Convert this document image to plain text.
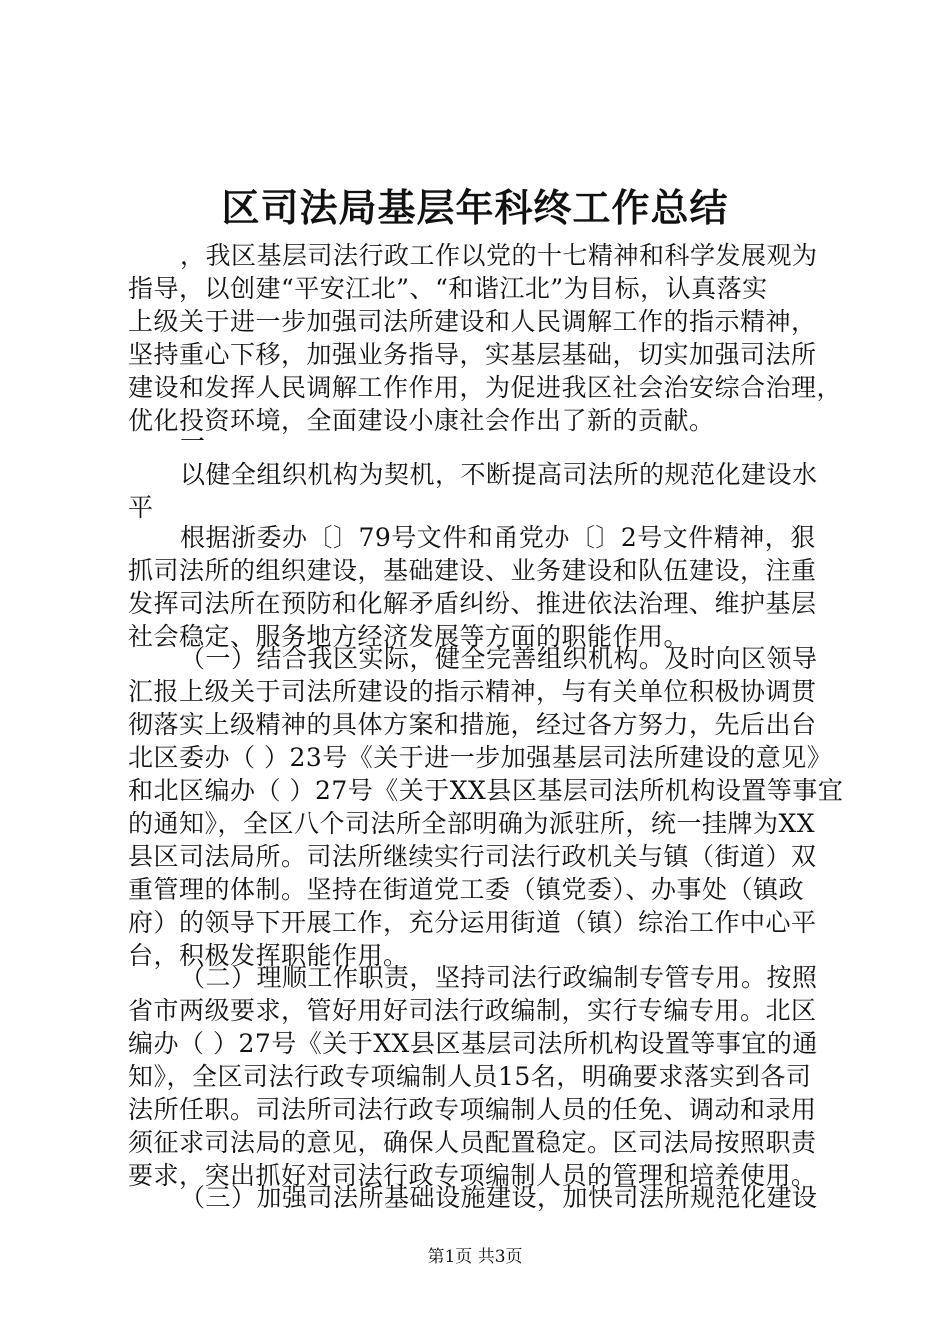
区司法局基层年科终工作总结
，我区基层司法行政工作以党的十七精神和科学发展观为
指导，以创建“平安江北”、“和谐江北”为目标，认真落实
上级关于进一步加强司法所建设和人民调解工作的指示精神，
坚持重心下移，加强业务指导，实基层基础，切实加强司法所
建设和发挥人民调解工作作用，为促进我区社会治安综合治理，
优化投资环境，全面建设小康社会作出了新的贡献。
一
以健全组织机构为契机，不断提高司法所的规范化建设水
平
根据浙委办〔〕79号文件和甬党办〔〕2号文件精神，狠
抓司法所的组织建设，基础建设、业务建设和队伍建设，注重
发挥司法所在预防和化解矛盾纠纷、推进依法治理、维护基层
社会稳定、服务地方经济发展等方面的职能作用。
（一）结合我区实际，健全完善组织机构。及时向区领导
汇报上级关于司法所建设的指示精神，与有关单位积极协调贯
彻落实上级精神的具体方案和措施，经过各方努力，先后出台
北区委办（ ）23号《关于进一步加强基层司法所建设的意见》
和北区编办（ ）27号《关于XX县区基层司法所机构设置等事宜
的通知》，全区八个司法所全部明确为派驻所，统一挂牌为XX
县区司法局所。司法所继续实行司法行政机关与镇（街道）双
重管理的体制。坚持在街道党工委（镇党委）、办事处（镇政
府）的领导下开展工作，充分运用街道（镇）综治工作中心平
台，积极发挥职能作用。
（二）理顺工作职责，坚持司法行政编制专管专用。按照
省市两级要求，管好用好司法行政编制，实行专编专用。北区
编办（ ）27号《关于XX县区基层司法所机构设置等事宜的通
知》，全区司法行政专项编制人员15名，明确要求落实到各司
法所任职。司法所司法行政专项编制人员的任免、调动和录用
须征求司法局的意见，确保人员配置稳定。区司法局按照职责
要求，突出抓好对司法行政专项编制人员的管理和培养使用。
（三）加强司法所基础设施建设，加快司法所规范化建设
第1页 共3页
